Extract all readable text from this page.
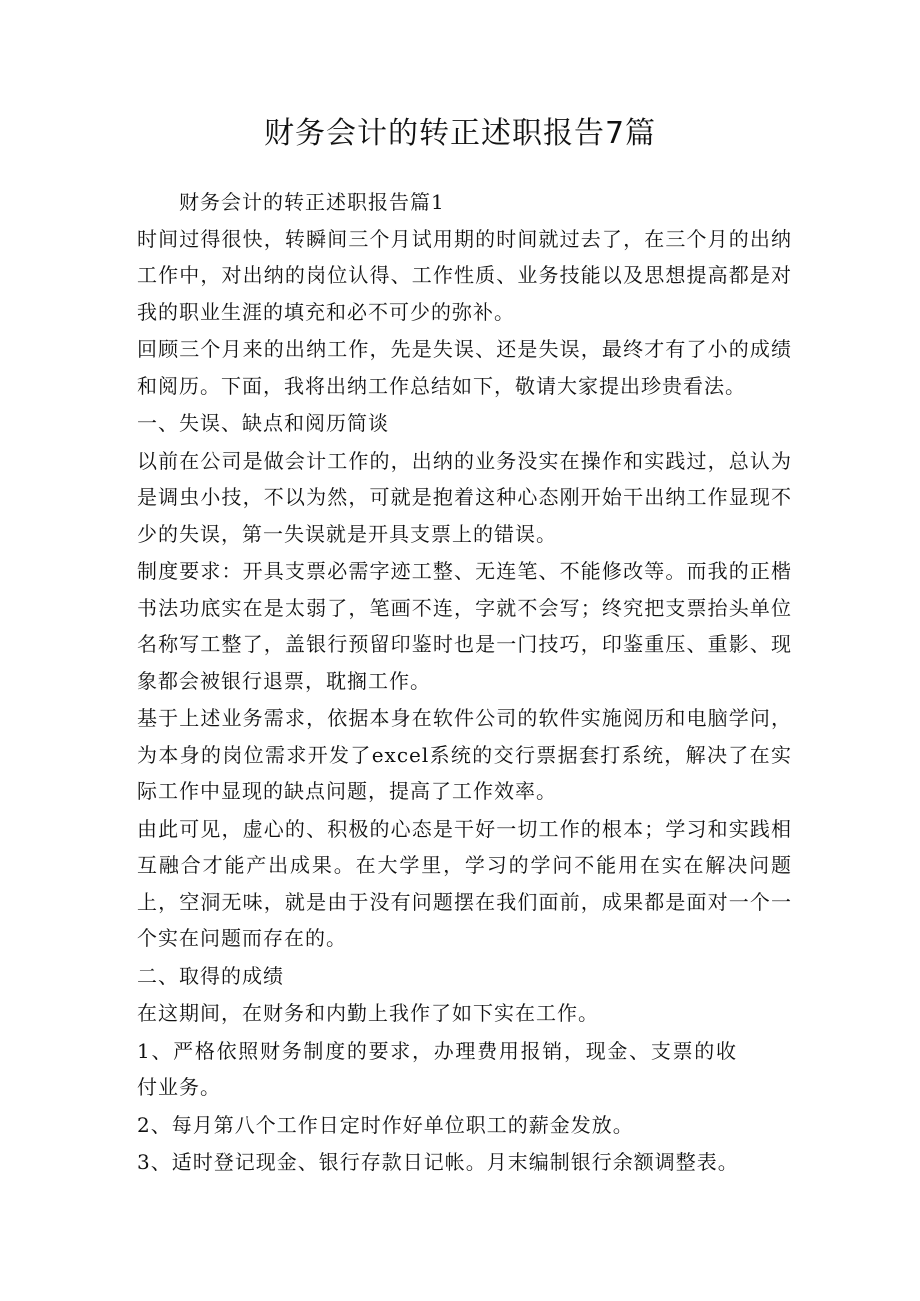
财务会计的转正述职报告7篇

财务会计的转正述职报告篇1

时间过得很快，转瞬间三个月试用期的时间就过去了，在三个月的出纳工作中，对出纳的岗位认得、工作性质、业务技能以及思想提高都是对我的职业生涯的填充和必不可少的弥补。

回顾三个月来的出纳工作，先是失误、还是失误，最终才有了小的成绩和阅历。下面，我将出纳工作总结如下，敬请大家提出珍贵看法。

一、失误、缺点和阅历简谈

以前在公司是做会计工作的，出纳的业务没实在操作和实践过，总认为是调虫小技，不以为然，可就是抱着这种心态刚开始干出纳工作显现不少的失误，第一失误就是开具支票上的错误。

制度要求：开具支票必需字迹工整、无连笔、不能修改等。而我的正楷书法功底实在是太弱了，笔画不连，字就不会写；终究把支票抬头单位名称写工整了，盖银行预留印鉴时也是一门技巧，印鉴重压、重影、现象都会被银行退票，耽搁工作。

基于上述业务需求，依据本身在软件公司的软件实施阅历和电脑学问，为本身的岗位需求开发了excel系统的交行票据套打系统，解决了在实际工作中显现的缺点问题，提高了工作效率。

由此可见，虚心的、积极的心态是干好一切工作的根本；学习和实践相互融合才能产出成果。在大学里，学习的学问不能用在实在解决问题上，空洞无味，就是由于没有问题摆在我们面前，成果都是面对一个一个实在问题而存在的。

二、取得的成绩

在这期间，在财务和内勤上我作了如下实在工作。

1、严格依照财务制度的要求，办理费用报销，现金、支票的收付业务。

2、每月第八个工作日定时作好单位职工的薪金发放。

3、适时登记现金、银行存款日记帐。月末编制银行余额调整表。
